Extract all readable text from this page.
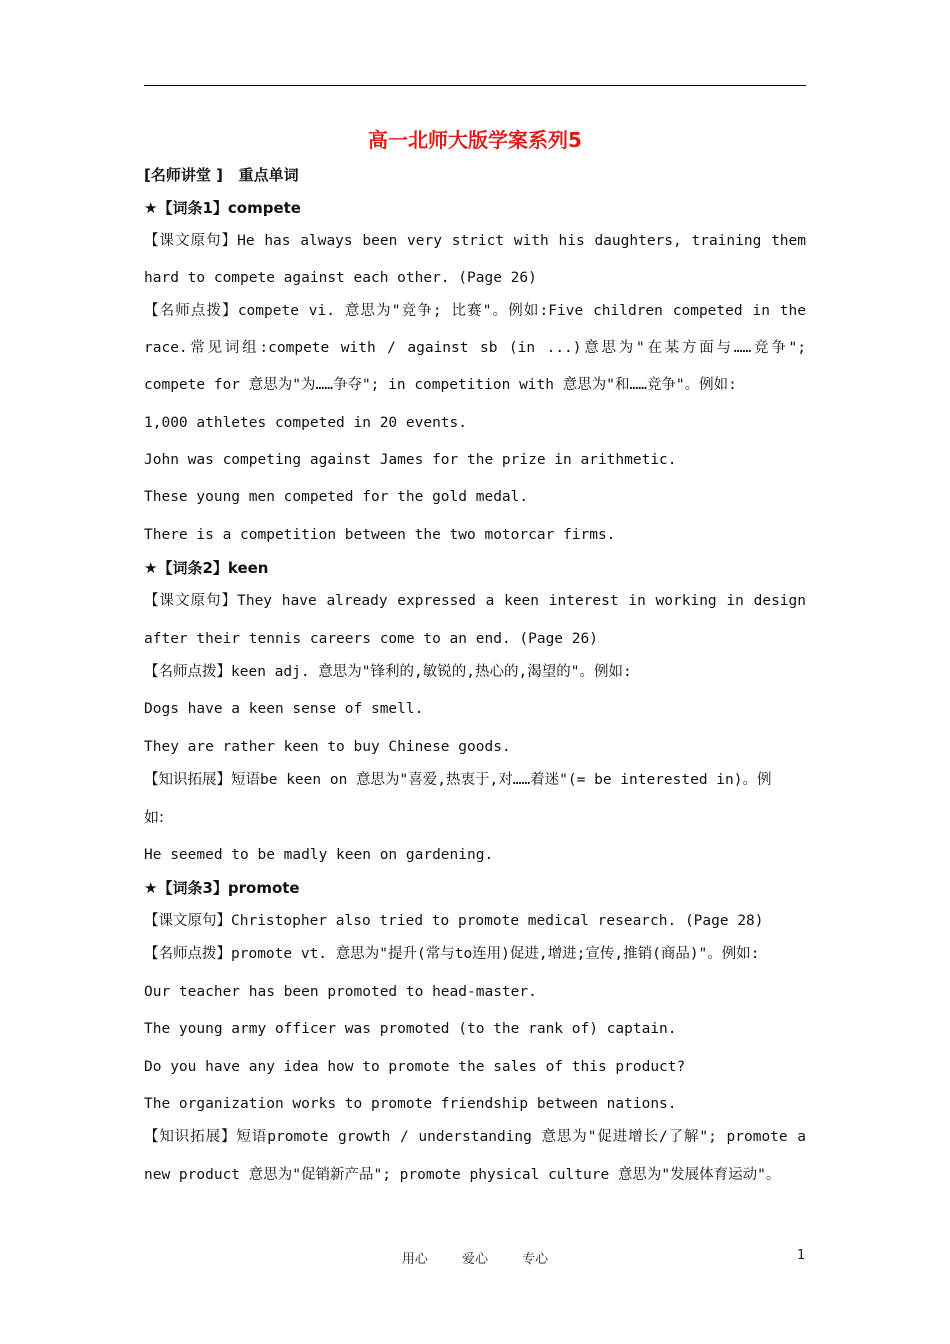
高一北师大版学案系列5
[名师讲堂 ]   重点单词
★【词条1】compete
【课文原句】He has always been very strict with his daughters, training them
hard to compete against each other. (Page 26)
【名师点拨】compete vi. 意思为"竞争; 比赛"。例如:Five children competed in the
race.常见词组:compete with / against sb (in ...)意思为"在某方面与……竞争";
compete for 意思为"为……争夺"; in competition with 意思为"和……竞争"。例如:
1,000 athletes competed in 20 events.
John was competing against James for the prize in arithmetic.
These young men competed for the gold medal.
There is a competition between the two motorcar firms.
★【词条2】keen
【课文原句】They have already expressed a keen interest in working in design
after their tennis careers come to an end. (Page 26)
【名师点拨】keen adj. 意思为"锋利的,敏锐的,热心的,渴望的"。例如:
Dogs have a keen sense of smell.
They are rather keen to buy Chinese goods.
【知识拓展】短语be keen on 意思为"喜爱,热衷于,对……着迷"(= be interested in)。例
如:
He seemed to be madly keen on gardening.
★【词条3】promote
【课文原句】Christopher also tried to promote medical research. (Page 28)
【名师点拨】promote vt. 意思为"提升(常与to连用)促进,增进;宣传,推销(商品)"。例如:
Our teacher has been promoted to head-master.
The young army officer was promoted (to the rank of) captain.
Do you have any idea how to promote the sales of this product?
The organization works to promote friendship between nations.
【知识拓展】短语promote growth / understanding 意思为"促进增长/了解"; promote a
new product 意思为"促销新产品"; promote physical culture 意思为"发展体育运动"。
用心 爱心 专心	1
